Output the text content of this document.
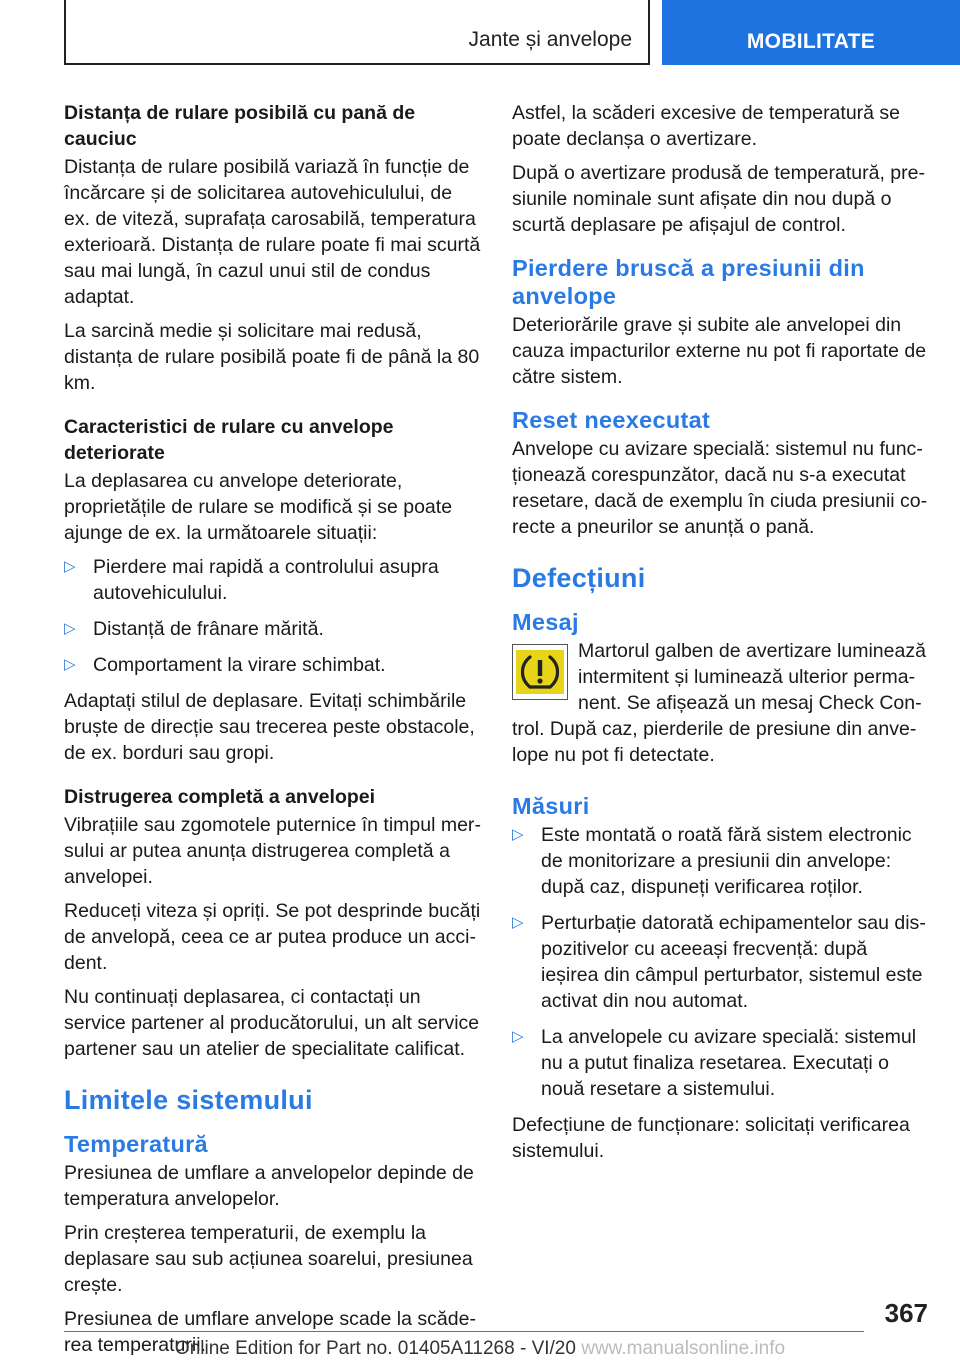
Jante și anvelope	MOBILITATE
Distanța de rulare posibilă cu pană de cauciuc

Distanța de rulare posibilă variază în funcție de încărcare și de solicitarea autovehiculului, de ex. de viteză, suprafața carosabilă, temperatura exterioară. Distanța de rulare poate fi mai scurtă sau mai lungă, în cazul unui stil de condus adaptat.

La sarcină medie și solicitare mai redusă, distanța de rulare posibilă poate fi de până la 80 km.

Caracteristici de rulare cu anvelope deteriorate

La deplasarea cu anvelope deteriorate, proprietățile de rulare se modifică și se poate ajunge de ex. la următoarele situații:

▷ Pierdere mai rapidă a controlului asupra autovehiculului.
▷ Distanță de frânare mărită.
▷ Comportament la virare schimbat.

Adaptați stilul de deplasare. Evitați schimbările bruște de direcție sau trecerea peste obstacole, de ex. borduri sau gropi.

Distrugerea completă a anvelopei

Vibrațiile sau zgomotele puternice în timpul mersului ar putea anunța distrugerea completă a anvelopei.

Reduceți viteza și opriți. Se pot desprinde bucăți de anvelopă, ceea ce ar putea produce un accident.

Nu continuați deplasarea, ci contactați un service partener al producătorului, un alt service partener sau un atelier de specialitate calificat.

Limitele sistemului
Temperatură

Presiunea de umflare a anvelopelor depinde de temperatura anvelopelor.

Prin creșterea temperaturii, de exemplu la deplasare sau sub acțiunea soarelui, presiunea crește.

Presiunea de umflare anvelope scade la scăderea temperaturii.

Astfel, la scăderi excesive de temperatură se poate declanșa o avertizare.

După o avertizare produsă de temperatură, presiunile nominale sunt afișate din nou după o scurtă deplasare pe afișajul de control.

Pierdere bruscă a presiunii din anvelope

Deteriorările grave și subite ale anvelopei din cauza impacturilor externe nu pot fi raportate de către sistem.

Reset neexecutat

Anvelope cu avizare specială: sistemul nu funcționează corespunzător, dacă nu s-a executat resetare, dacă de exemplu în ciuda presiunii corecte a pneurilor se anunță o pană.

Defecțiuni
Mesaj

Martorul galben de avertizare luminează intermitent și luminează ulterior permanent. Se afișează un mesaj Check Control. După caz, pierderile de presiune din anvelope nu pot fi detectate.

Măsuri
▷ Este montată o roată fără sistem electronic de monitorizare a presiunii din anvelope: după caz, dispuneți verificarea roților.
▷ Perturbație datorată echipamentelor sau dispozitivelor cu aceeași frecvență: după ieșirea din câmpul perturbator, sistemul este activat din nou automat.
▷ La anvelopele cu avizare specială: sistemul nu a putut finaliza resetarea. Executați o nouă resetare a sistemului.

Defecțiune de funcționare: solicitați verificarea sistemului.

367
Online Edition for Part no. 01405A11268 - VI/20 www.manualsonline.info
